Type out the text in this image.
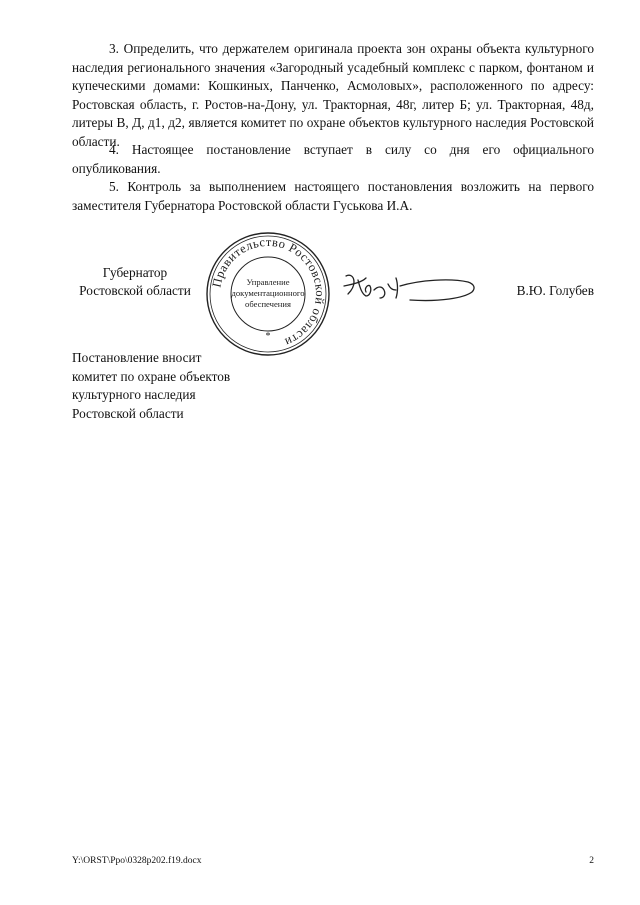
3. Определить, что держателем оригинала проекта зон охраны объекта культурного наследия регионального значения «Загородный усадебный комплекс с парком, фонтаном и купеческими домами: Кошкиных, Панченко, Асмоловых», расположенного по адресу: Ростовская область, г. Ростов-на-Дону, ул. Тракторная, 48г, литер Б; ул. Тракторная, 48д, литеры В, Д, д1, д2, является комитет по охране объектов культурного наследия Ростовской области.

4. Настоящее постановление вступает в силу со дня его официального опубликования.

5. Контроль за выполнением настоящего постановления возложить на первого заместителя Губернатора Ростовской области Гуськова И.А.

Губернатор
Ростовской области
Правительство Ростовской области
Управление
документационного
обеспечения
*
В.Ю. Голубев
Постановление вносит
комитет по охране объектов
культурного наследия
Ростовской области
Y:\ORST\Ppo\0328p202.f19.docx	2
